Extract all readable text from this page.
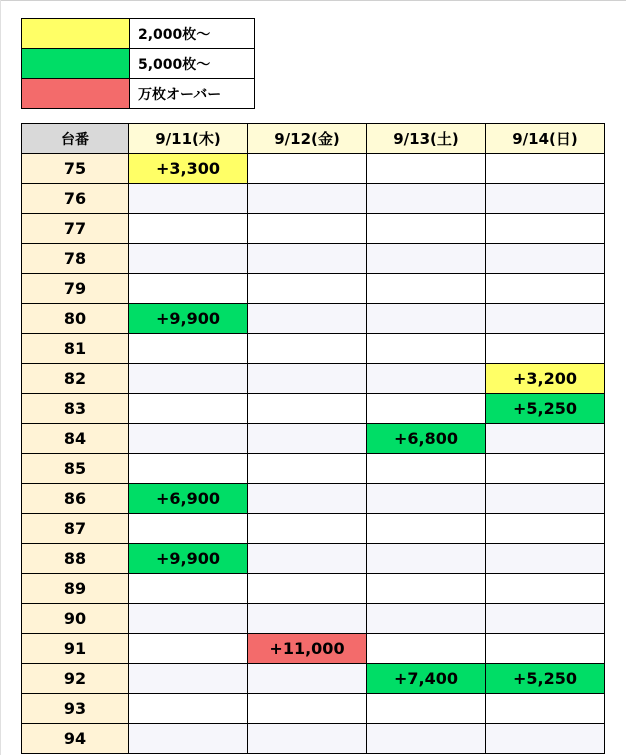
	2,000枚～
	5,000枚～
	万枚オーバー
台番	9/11(木)	9/12(金)	9/13(土)	9/14(日)
75	+3,300			
76				
77				
78				
79				
80	+9,900			
81				
82				+3,200
83				+5,250
84			+6,800	
85				
86	+6,900			
87				
88	+9,900			
89				
90				
91		+11,000		
92			+7,400	+5,250
93				
94				
